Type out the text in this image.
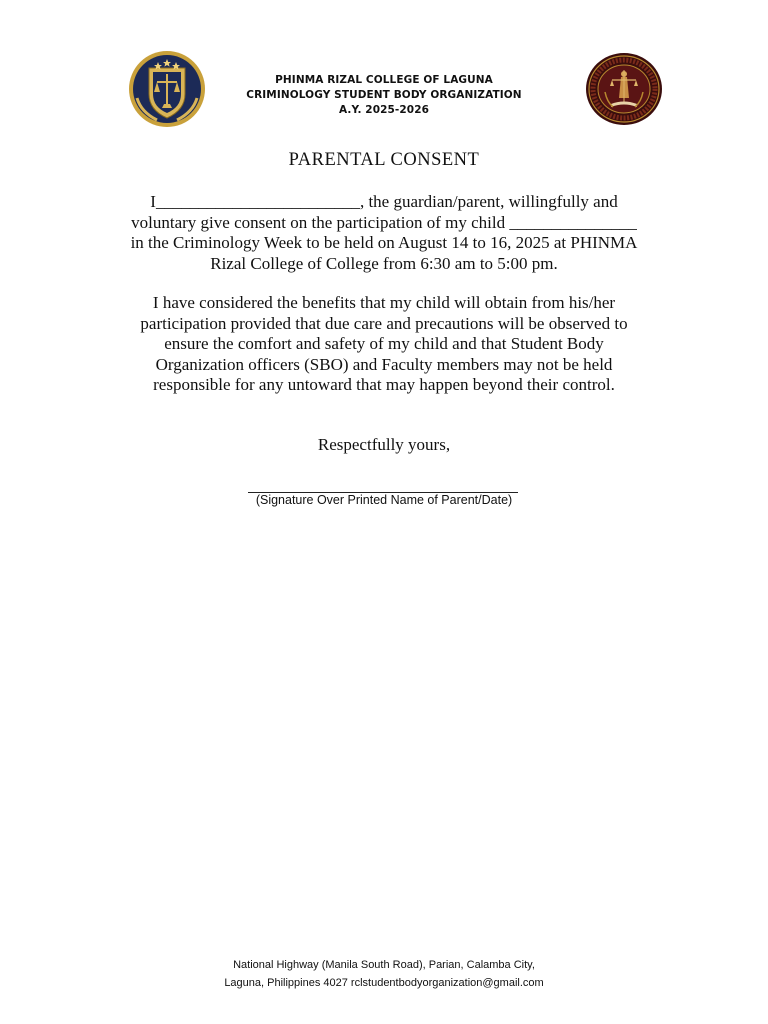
PHINMA RIZAL COLLEGE OF LAGUNA
CRIMINOLOGY STUDENT BODY ORGANIZATION
A.Y. 2025-2026
PARENTAL CONSENT
I________________________, the guardian/parent, willingfully and
voluntary give consent on the participation of my child _______________
in the Criminology Week to be held on August 14 to 16, 2025 at PHINMA
Rizal College of College from 6:30 am to 5:00 pm.
I have considered the benefits that my child will obtain from his/her
participation provided that due care and precautions will be observed to
ensure the comfort and safety of my child and that Student Body
Organization officers (SBO) and Faculty members may not be held
responsible for any untoward that may happen beyond their control.
Respectfully yours,
(Signature Over Printed Name of Parent/Date)
National Highway (Manila South Road), Parian, Calamba City,
Laguna, Philippines 4027 rclstudentbodyorganization@gmail.com
